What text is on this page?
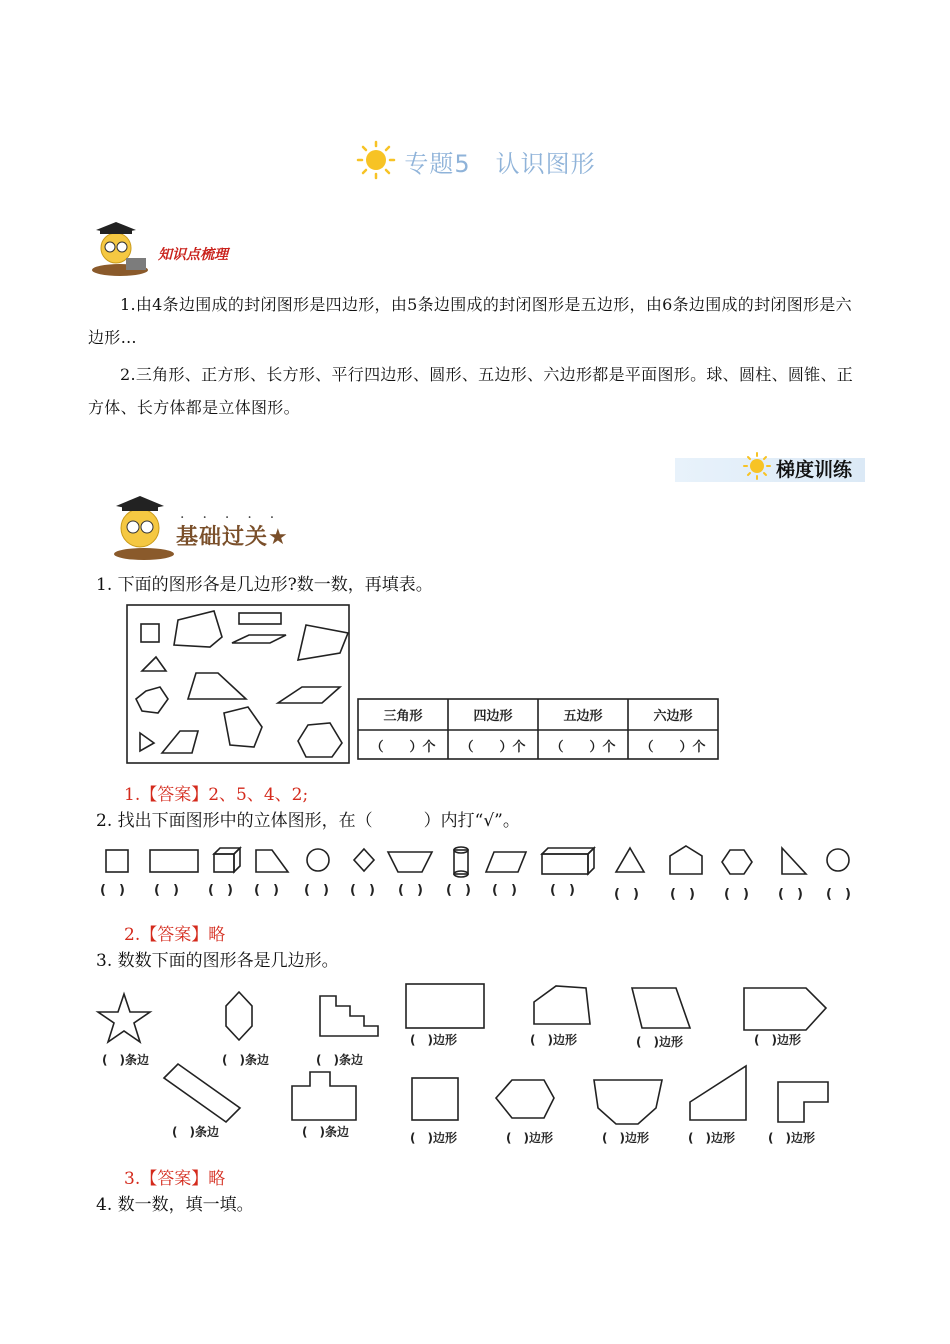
专题5　认识图形
知识点梳理

1.由4条边围成的封闭图形是四边形，由5条边围成的封闭图形是五边形，由6条边围成的封闭图形是六边形…

2.三角形、正方形、长方形、平行四边形、圆形、五边形、六边形都是平面图形。球、圆柱、圆锥、正方体、长方体都是立体图形。

梯度训练
·····
基础过关★
1. 下面的图形各是几边形?数一数，再填表。
三角形	四边形	五边形	六边形
（　　）个 （　　）个 （　　）个 （　　）个
1.【答案】2、5、4、2;
2. 找出下面图形中的立体图形，在（　　　）内打“√”。
(　) (　) (　) (　) (　) (　) (　) (　) (　)	(　)	(　) (　) (　) (　) (　)
2.【答案】略
3. 数数下面的图形各是几边形。
(　)条边	(　)条边	(　)条边
(　)边形	(　)边形	(　)边形	(　)边形
(　)条边	(　)条边	(　)边形	(　)边形	(　)边形	(　)边形	(　)边形
3.【答案】略
4. 数一数，填一填。
